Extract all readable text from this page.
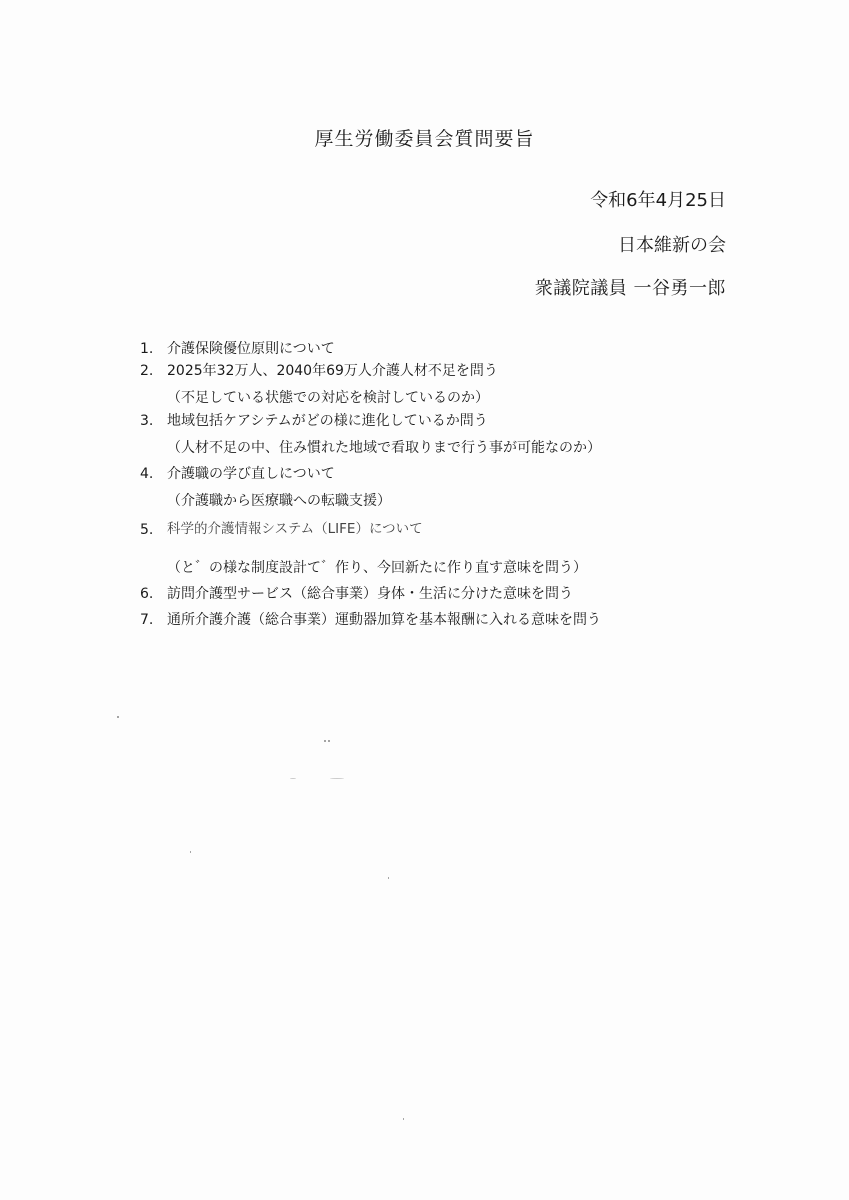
厚生労働委員会質問要旨
令和6年4月25日
日本維新の会
衆議院議員 一谷勇一郎
1. 介護保険優位原則について
2. 2025年32万人、2040年69万人介護人材不足を問う
（不足している状態での対応を検討しているのか）
3. 地域包括ケアシテムがどの様に進化しているか問う
（人材不足の中、住み慣れた地域で看取りまで行う事が可能なのか）
4. 介護職の学び直しについて
（介護職から医療職への転職支援）
5. 科学的介護情報システム（LIFE）について
（と゛の様な制度設計て゛作り、今回新たに作り直す意味を問う）
6. 訪問介護型サービス（総合事業）身体・生活に分けた意味を問う
7. 通所介護介護（総合事業）運動器加算を基本報酬に入れる意味を問う
